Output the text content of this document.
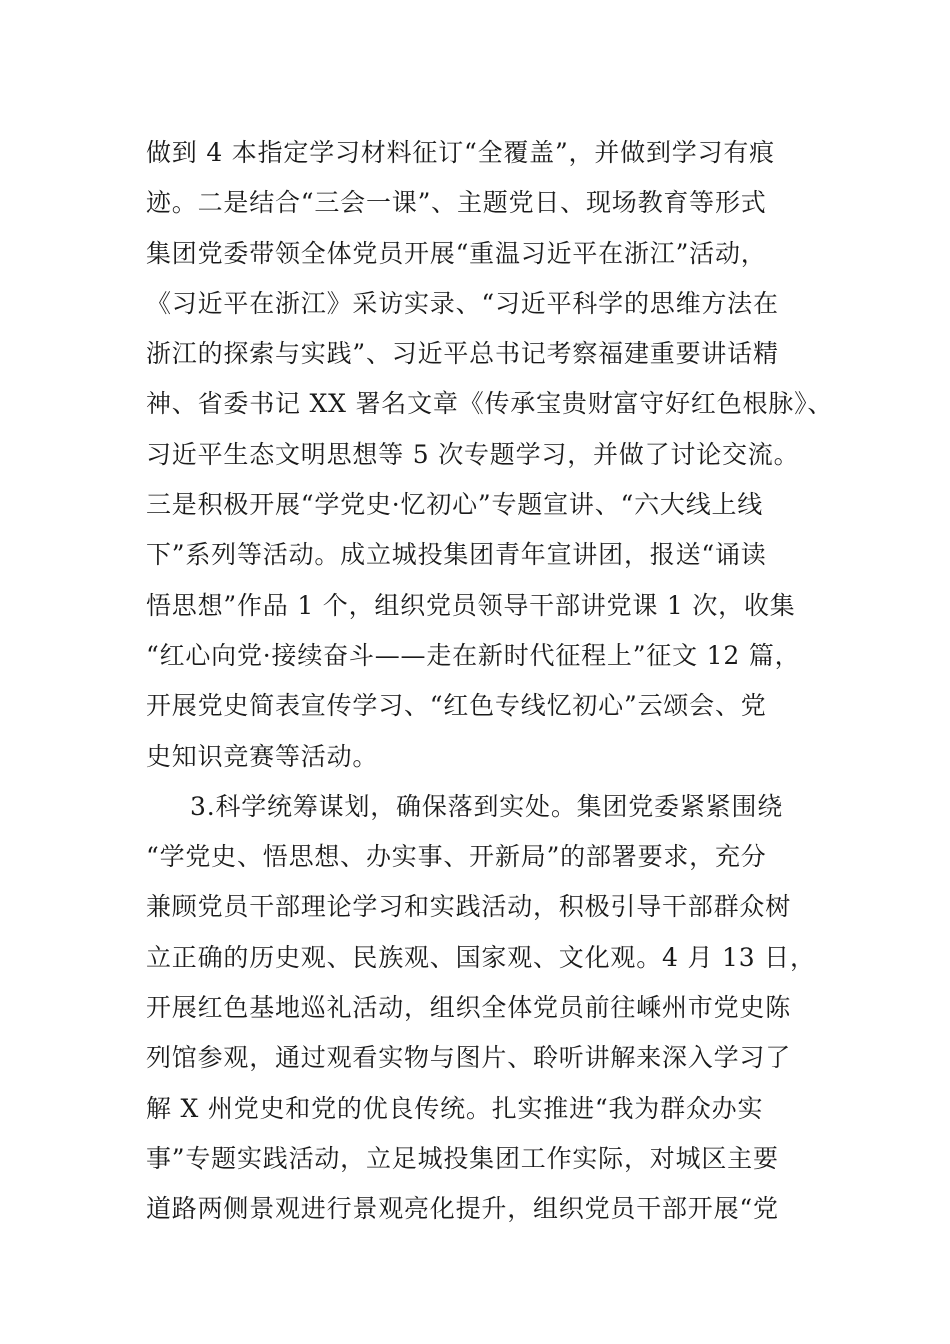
做到 4 本指定学习材料征订“全覆盖”，并做到学习有痕
迹。二是结合“三会一课”、主题党日、现场教育等形式
集团党委带领全体党员开展“重温习近平在浙江”活动，
《习近平在浙江》采访实录、“习近平科学的思维方法在
浙江的探索与实践”、习近平总书记考察福建重要讲话精
神、省委书记 XX 署名文章《传承宝贵财富守好红色根脉》、
习近平生态文明思想等 5 次专题学习，并做了讨论交流。
三是积极开展“学党史·忆初心”专题宣讲、“六大线上线
下”系列等活动。成立城投集团青年宣讲团，报送“诵读
悟思想”作品 1 个，组织党员领导干部讲党课 1 次，收集
“红心向党·接续奋斗——走在新时代征程上”征文 12 篇，
开展党史简表宣传学习、“红色专线忆初心”云颂会、党
史知识竞赛等活动。
3.科学统筹谋划，确保落到实处。集团党委紧紧围绕
“学党史、悟思想、办实事、开新局”的部署要求，充分
兼顾党员干部理论学习和实践活动，积极引导干部群众树
立正确的历史观、民族观、国家观、文化观。4 月 13 日，
开展红色基地巡礼活动，组织全体党员前往嵊州市党史陈
列馆参观，通过观看实物与图片、聆听讲解来深入学习了
解 X 州党史和党的优良传统。扎实推进“我为群众办实
事”专题实践活动，立足城投集团工作实际，对城区主要
道路两侧景观进行景观亮化提升，组织党员干部开展“党
